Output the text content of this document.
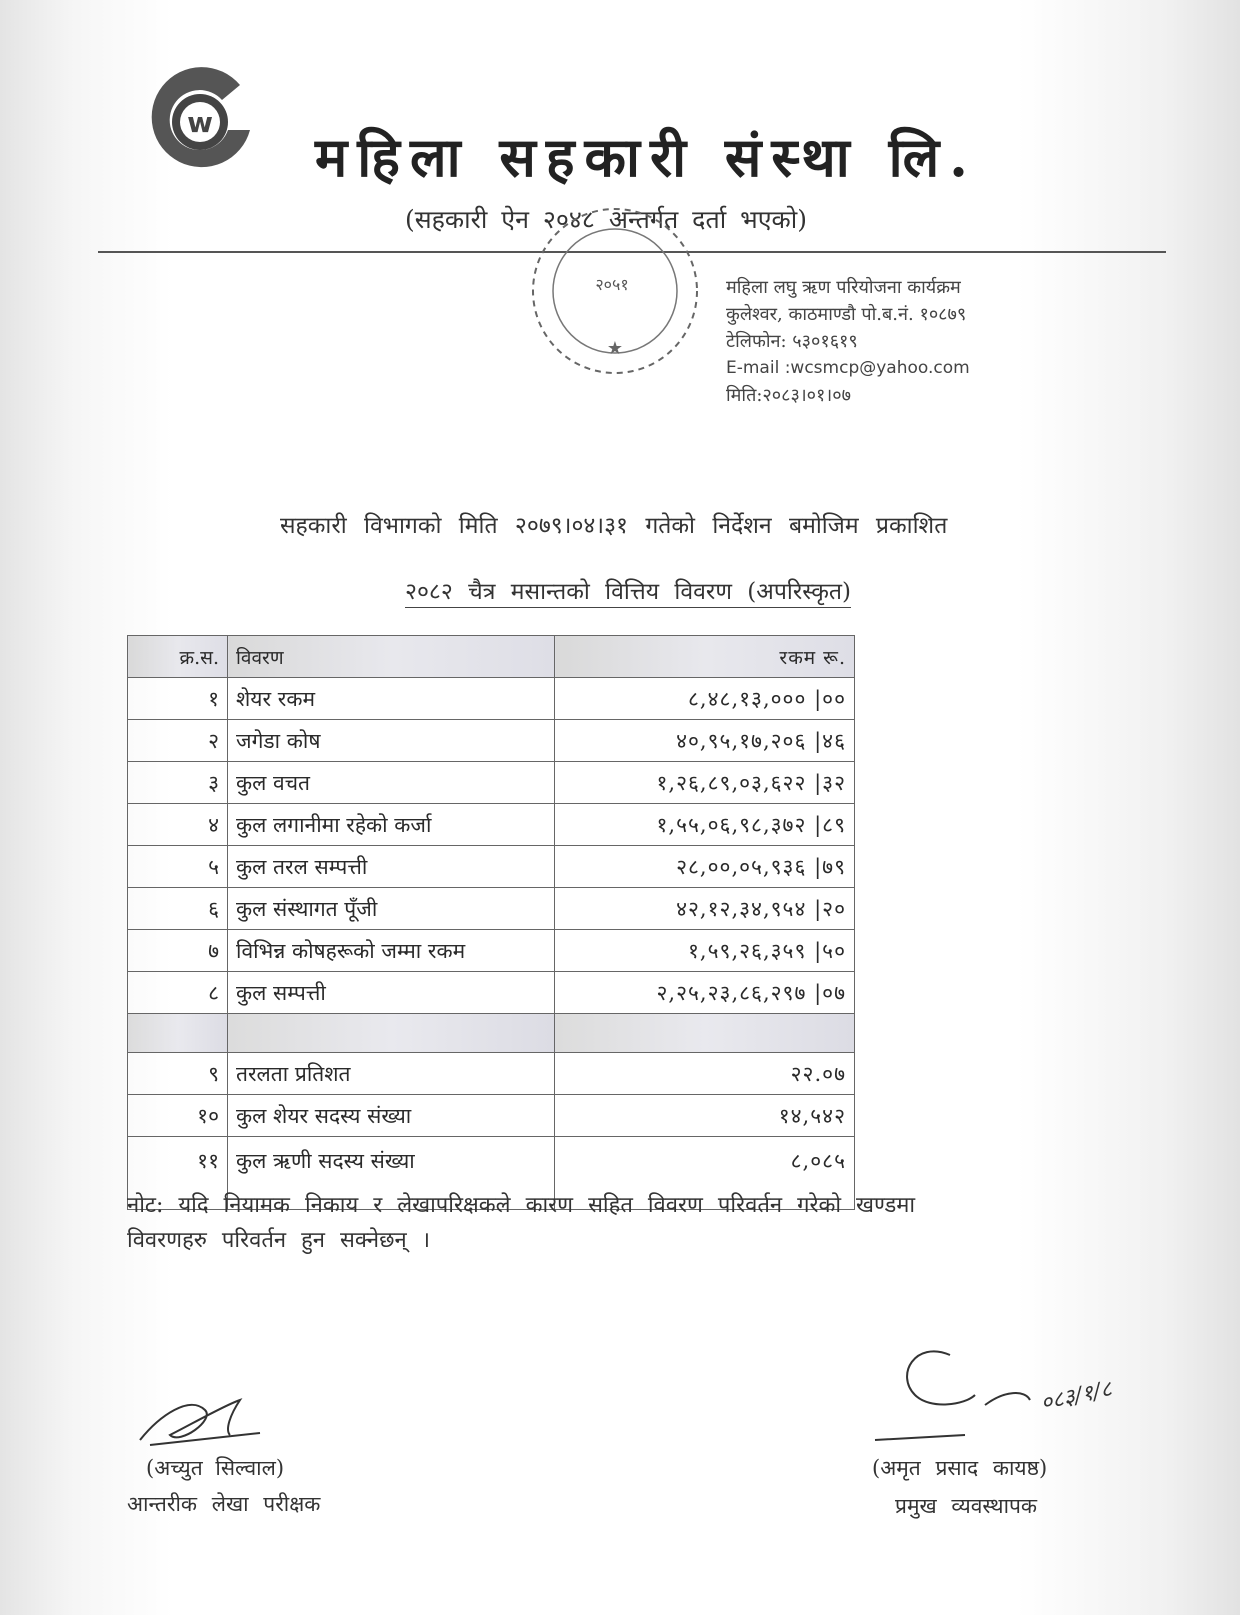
w
महिला सहकारी संस्था लि.
(सहकारी ऐन २०४८ अन्तर्गत दर्ता भएको)
२०५१
★
महिला लघु ऋण परियोजना कार्यक्रम
कुलेश्वर, काठमाण्डौ पो.ब.नं. १०८७९
टेलिफोन: ५३०१६१९
E-mail :wcsmcp@yahoo.com
मिति:२०८३।०१।०७
सहकारी विभागको मिति २०७९।०४।३१ गतेको निर्देशन बमोजिम प्रकाशित
२०८२ चैत्र मसान्तको वित्तिय विवरण (अपरिस्कृत)
क्र.स.	विवरण	रकम रू.
१	शेयर रकम	८,४८,१३,००० |००
२	जगेडा कोष	४०,९५,१७,२०६ |४६
३	कुल वचत	१,२६,८९,०३,६२२ |३२
४	कुल लगानीमा रहेको कर्जा	१,५५,०६,९८,३७२ |८९
५	कुल तरल सम्पत्ती	२८,००,०५,९३६ |७९
६	कुल संस्थागत पूँजी	४२,१२,३४,९५४ |२०
७	विभिन्न कोषहरूको जम्मा रकम	१,५९,२६,३५९ |५०
८	कुल सम्पत्ती	२,२५,२३,८६,२९७ |०७

९	तरलता प्रतिशत	२२.०७
१०	कुल शेयर सदस्य संख्या	१४,५४२
११	कुल ऋणी सदस्य संख्या	८,०८५
नोट: यदि नियामक निकाय र लेखापरिक्षकले कारण सहित विवरण परिवर्तन गरेको खण्डमा
विवरणहरु परिवर्तन हुन सक्नेछन् ।
०८३/१/८
(अच्युत सिल्वाल)
आन्तरीक लेखा परीक्षक
(अमृत प्रसाद कायष्ठ)
प्रमुख व्यवस्थापक
